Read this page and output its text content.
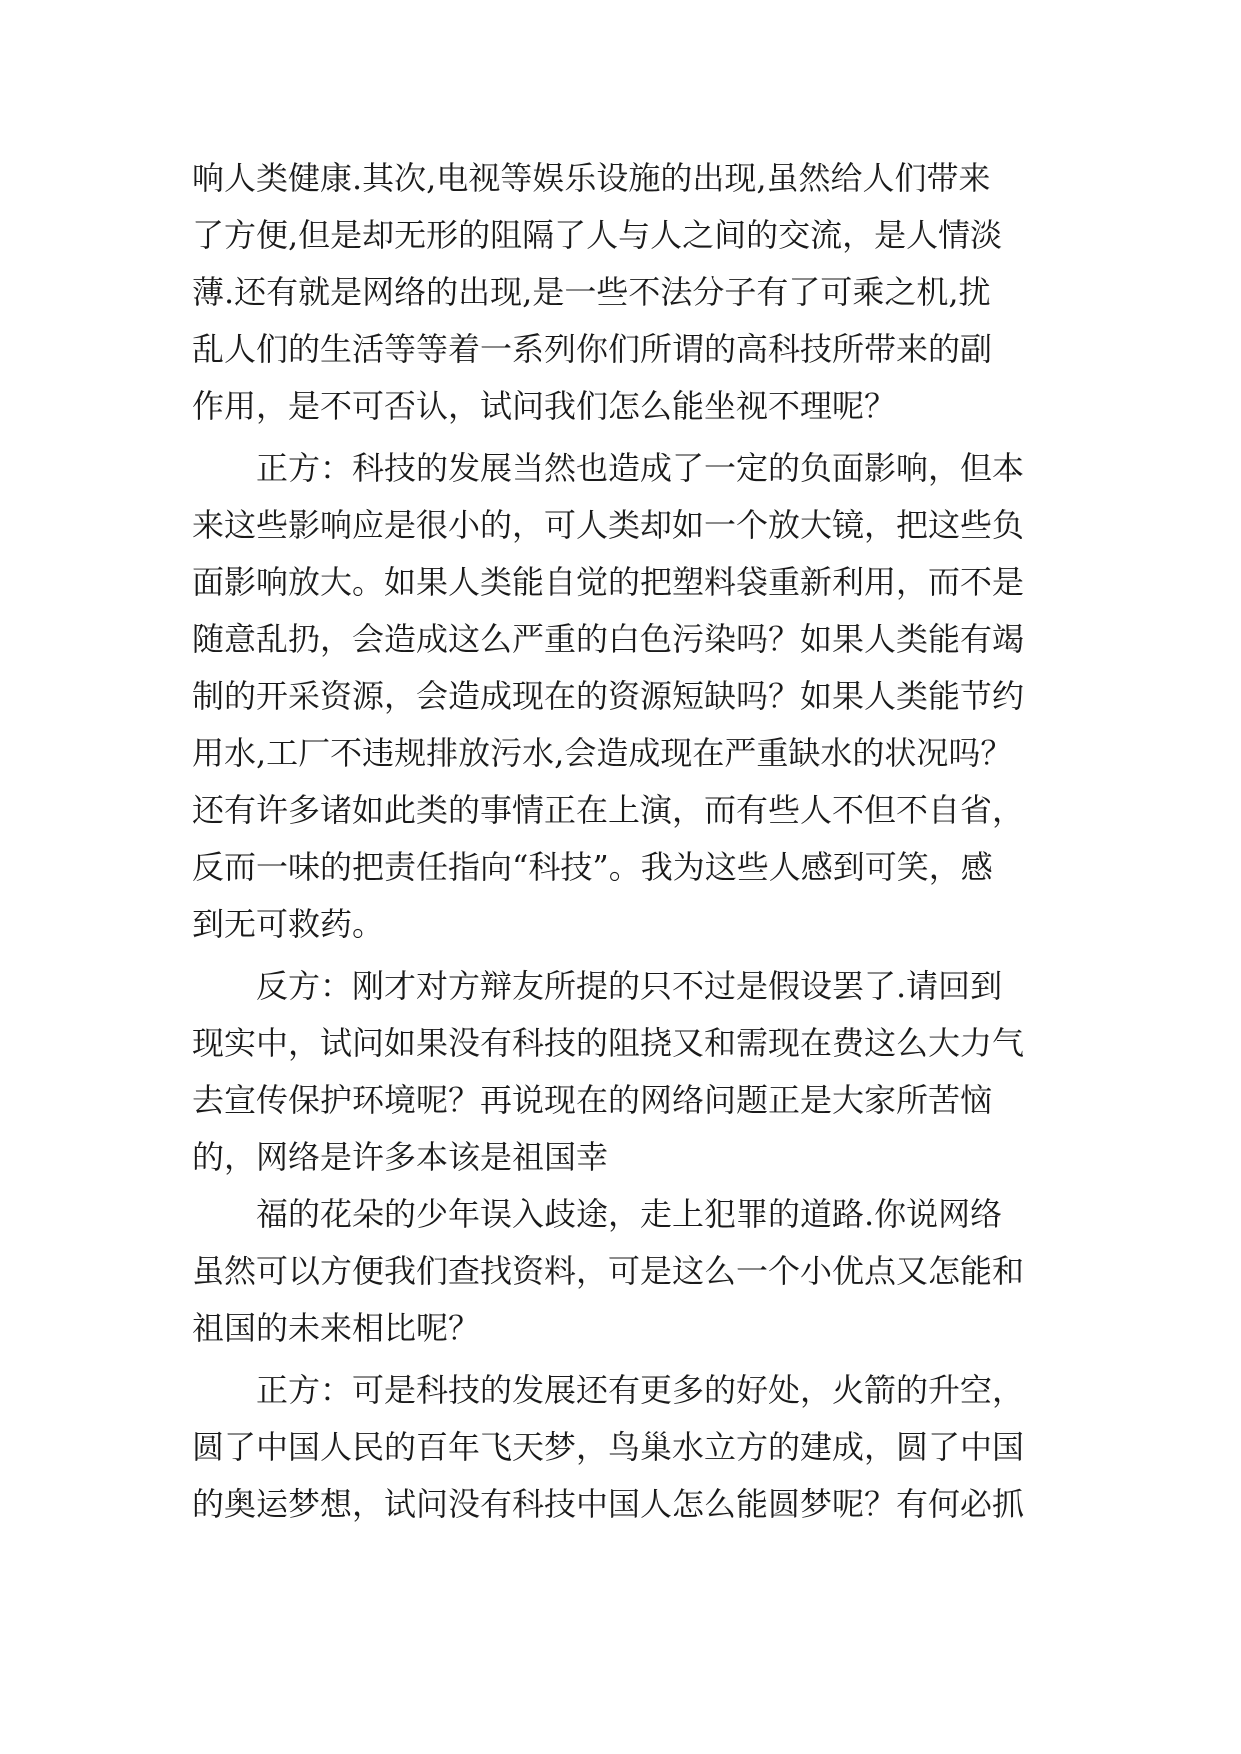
响人类健康.其次,电视等娱乐设施的出现,虽然给人们带来
了方便,但是却无形的阻隔了人与人之间的交流，是人情淡
薄.还有就是网络的出现,是一些不法分子有了可乘之机,扰
乱人们的生活等等着一系列你们所谓的高科技所带来的副
作用，是不可否认，试问我们怎么能坐视不理呢？
正方：科技的发展当然也造成了一定的负面影响，但本
来这些影响应是很小的，可人类却如一个放大镜，把这些负
面影响放大。如果人类能自觉的把塑料袋重新利用，而不是
随意乱扔，会造成这么严重的白色污染吗？如果人类能有竭
制的开采资源，会造成现在的资源短缺吗？如果人类能节约
用水,工厂不违规排放污水,会造成现在严重缺水的状况吗？
还有许多诸如此类的事情正在上演，而有些人不但不自省，
反而一味的把责任指向“科技”。我为这些人感到可笑，感
到无可救药。
反方：刚才对方辩友所提的只不过是假设罢了.请回到
现实中，试问如果没有科技的阻挠又和需现在费这么大力气
去宣传保护环境呢？再说现在的网络问题正是大家所苦恼
的，网络是许多本该是祖国幸
福的花朵的少年误入歧途，走上犯罪的道路.你说网络
虽然可以方便我们查找资料，可是这么一个小优点又怎能和
祖国的未来相比呢？
正方：可是科技的发展还有更多的好处，火箭的升空，
圆了中国人民的百年飞天梦，鸟巢水立方的建成，圆了中国
的奥运梦想，试问没有科技中国人怎么能圆梦呢？有何必抓
